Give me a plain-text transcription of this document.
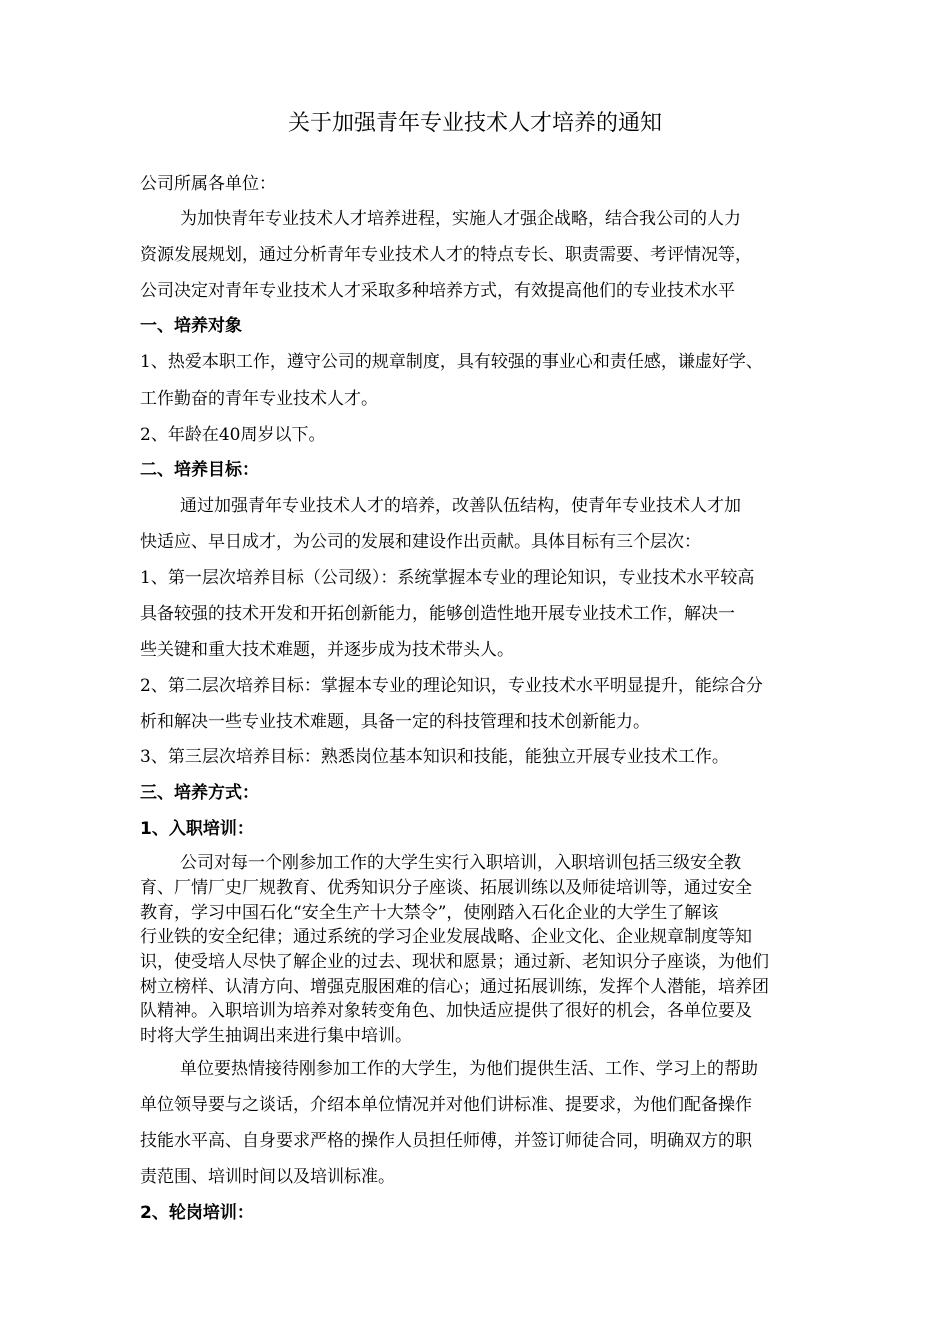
关于加强青年专业技术人才培养的通知
公司所属各单位：
为加快青年专业技术人才培养进程，实施人才强企战略，结合我公司的人力
资源发展规划，通过分析青年专业技术人才的特点专长、职责需要、考评情况等，
公司决定对青年专业技术人才采取多种培养方式，有效提高他们的专业技术水平
一、培养对象
1、热爱本职工作，遵守公司的规章制度，具有较强的事业心和责任感，谦虚好学、
工作勤奋的青年专业技术人才。
2、年龄在40周岁以下。
二、培养目标：
通过加强青年专业技术人才的培养，改善队伍结构，使青年专业技术人才加
快适应、早日成才，为公司的发展和建设作出贡献。具体目标有三个层次：
1、第一层次培养目标（公司级）：系统掌握本专业的理论知识，专业技术水平较高
具备较强的技术开发和开拓创新能力，能够创造性地开展专业技术工作，解决一
些关键和重大技术难题，并逐步成为技术带头人。
2、第二层次培养目标：掌握本专业的理论知识，专业技术水平明显提升，能综合分
析和解决一些专业技术难题，具备一定的科技管理和技术创新能力。
3、第三层次培养目标：熟悉岗位基本知识和技能，能独立开展专业技术工作。
三、培养方式：
1、入职培训：
公司对每一个刚参加工作的大学生实行入职培训，入职培训包括三级安全教
育、厂情厂史厂规教育、优秀知识分子座谈、拓展训练以及师徒培训等，通过安全
教育，学习中国石化“安全生产十大禁令”，使刚踏入石化企业的大学生了解该
行业铁的安全纪律；通过系统的学习企业发展战略、企业文化、企业规章制度等知
识，使受培人尽快了解企业的过去、现状和愿景；通过新、老知识分子座谈，为他们
树立榜样、认清方向、增强克服困难的信心；通过拓展训练，发挥个人潜能，培养团
队精神。入职培训为培养对象转变角色、加快适应提供了很好的机会，各单位要及
时将大学生抽调出来进行集中培训。
单位要热情接待刚参加工作的大学生，为他们提供生活、工作、学习上的帮助
单位领导要与之谈话，介绍本单位情况并对他们讲标准、提要求，为他们配备操作
技能水平高、自身要求严格的操作人员担任师傅，并签订师徒合同，明确双方的职
责范围、培训时间以及培训标准。
2、轮岗培训：
